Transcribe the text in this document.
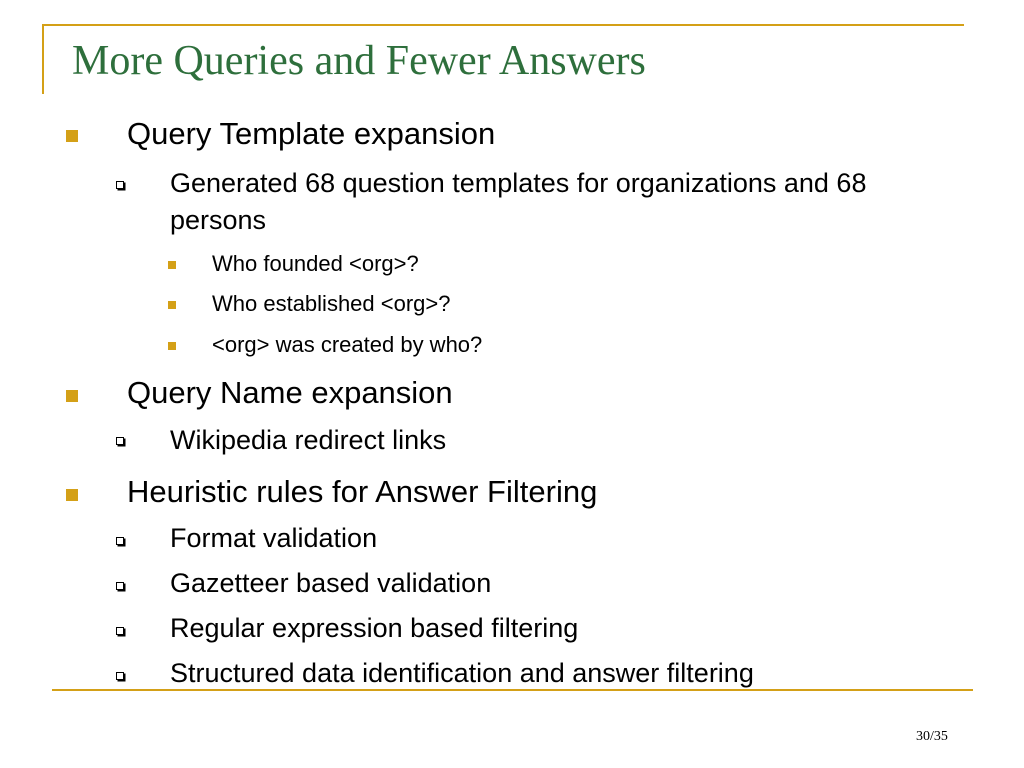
More Queries and Fewer Answers
Query Template expansion
Generated 68 question templates for organizations and 68
persons
Who founded <org>?
Who established <org>?
<org> was created by who?
Query Name expansion
Wikipedia redirect links
Heuristic rules for Answer Filtering
Format validation
Gazetteer based validation
Regular expression based filtering
Structured data identification and answer filtering
30/35
